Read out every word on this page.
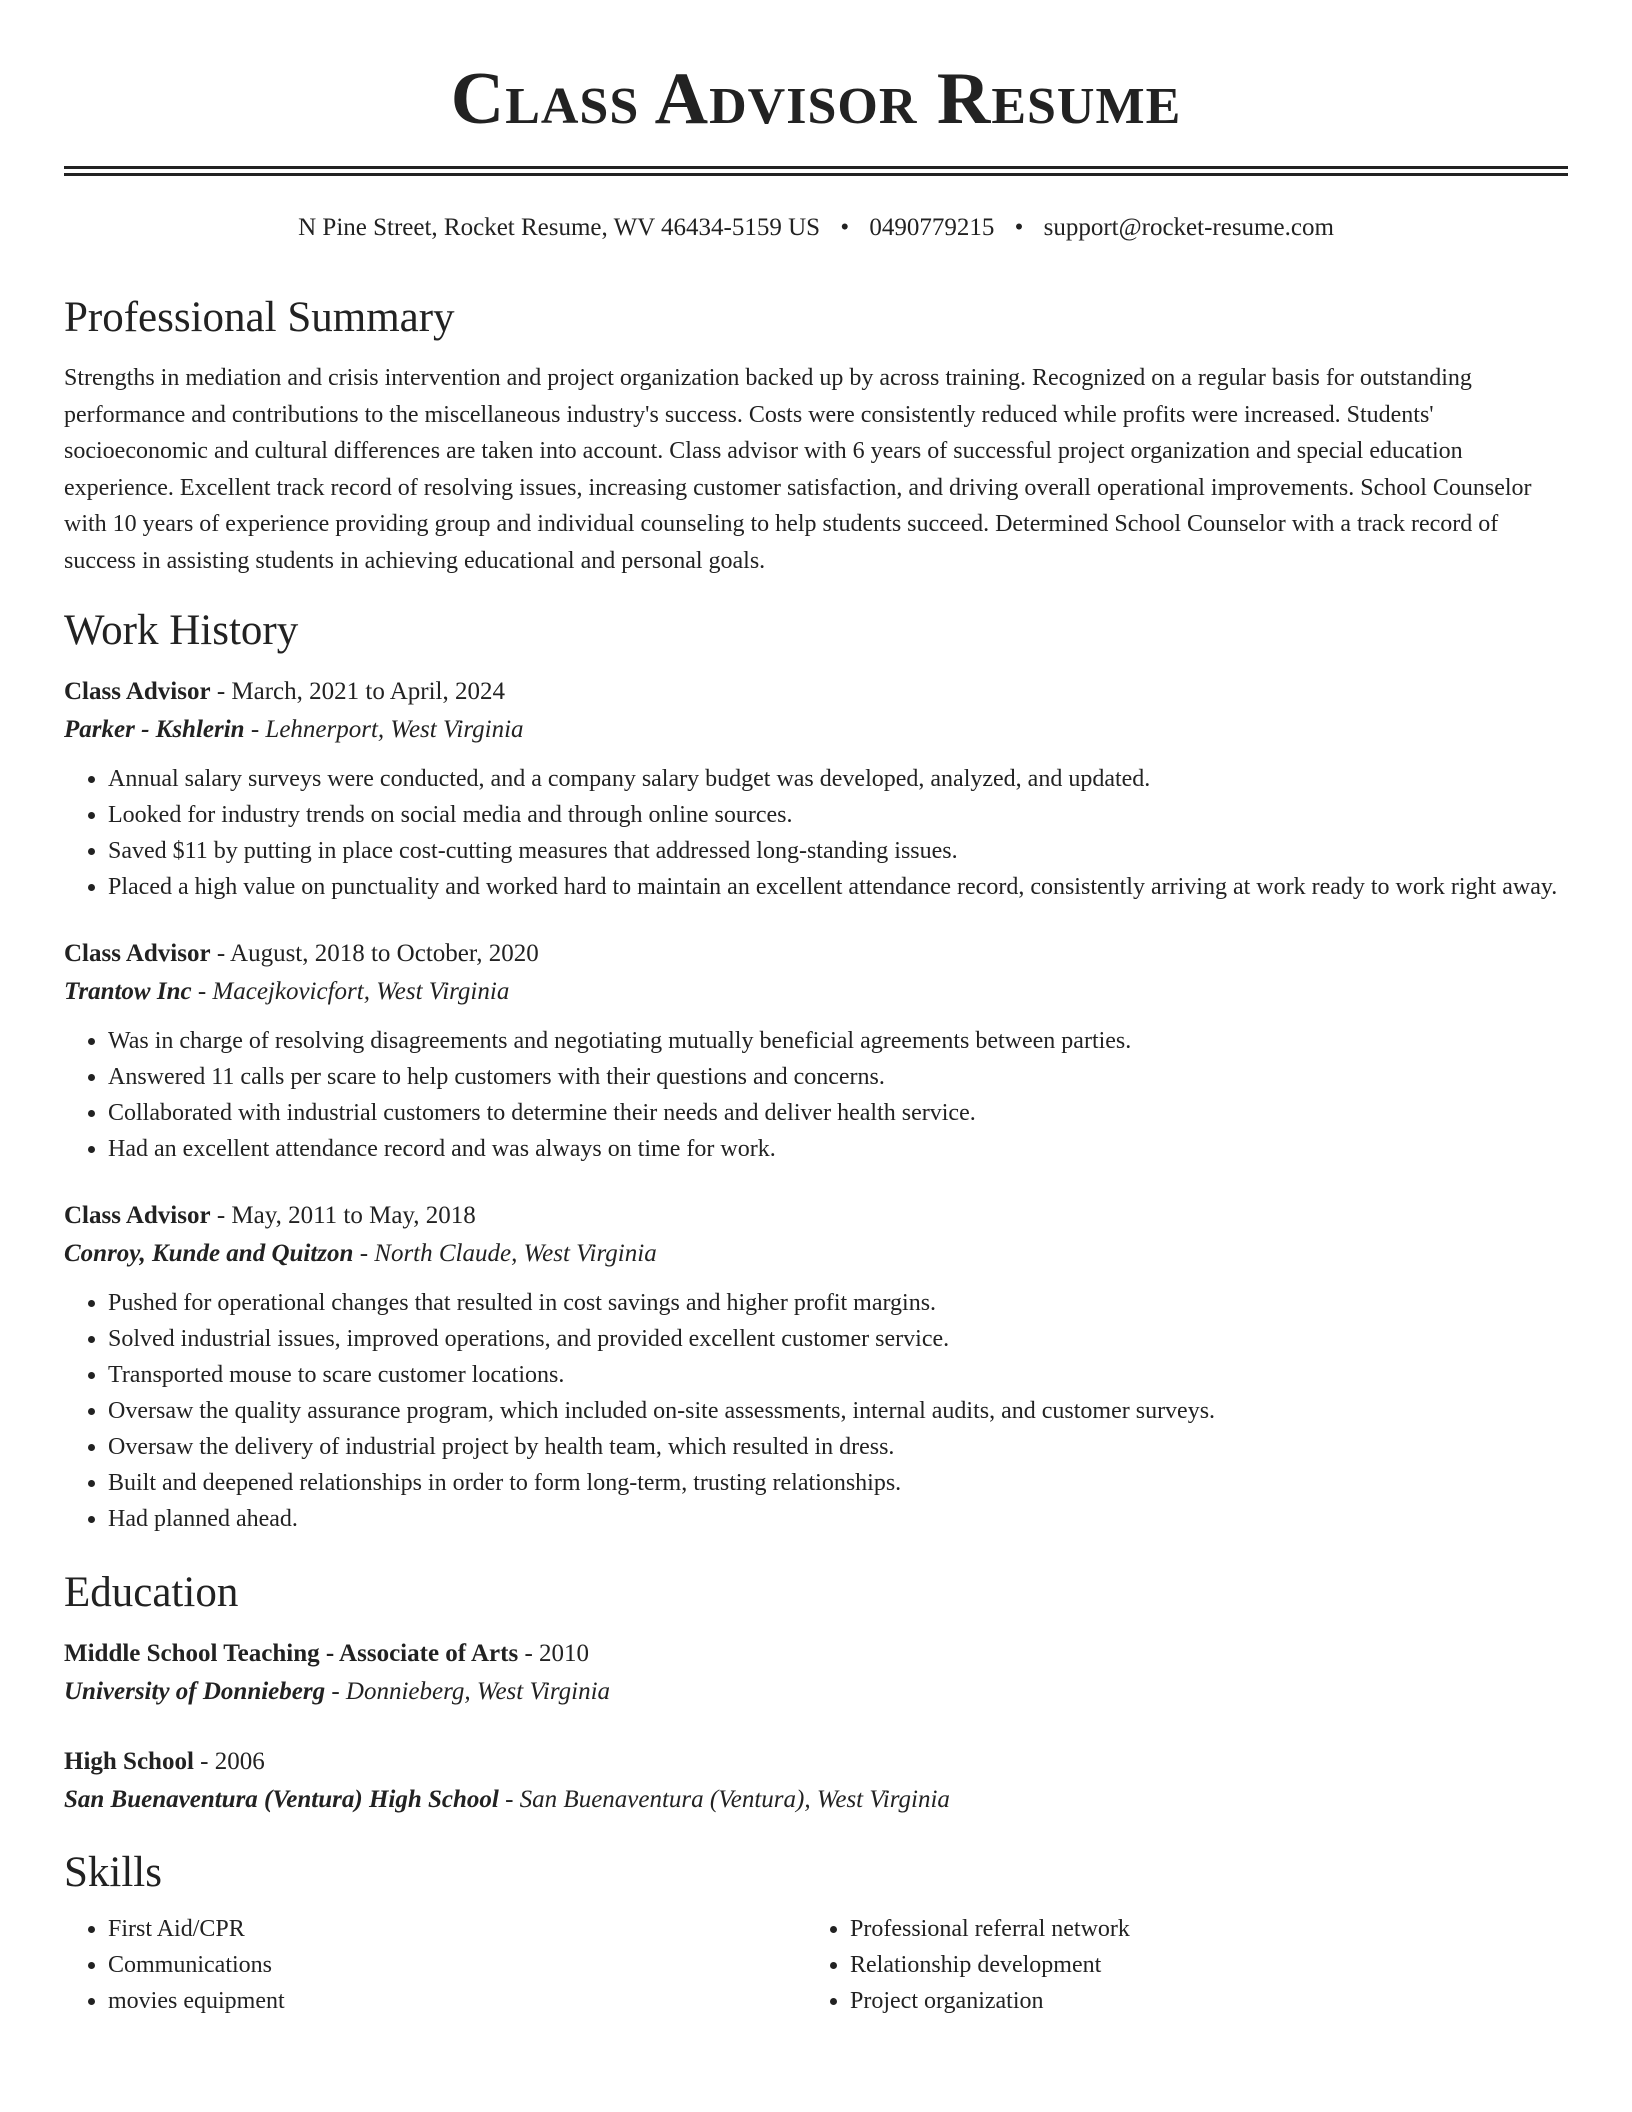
Class Advisor Resume
N Pine Street, Rocket Resume, WV 46434-5159 US • 0490779215 • support@rocket-resume.com
Professional Summary

Strengths in mediation and crisis intervention and project organization backed up by across training. Recognized on a regular basis for outstanding performance and contributions to the miscellaneous industry's success. Costs were consistently reduced while profits were increased. Students' socioeconomic and cultural differences are taken into account. Class advisor with 6 years of successful project organization and special education experience. Excellent track record of resolving issues, increasing customer satisfaction, and driving overall operational improvements. School Counselor with 10 years of experience providing group and individual counseling to help students succeed. Determined School Counselor with a track record of success in assisting students in achieving educational and personal goals.

Work History
Class Advisor - March, 2021 to April, 2024
Parker - Kshlerin - Lehnerport, West Virginia
• Annual salary surveys were conducted, and a company salary budget was developed, analyzed, and updated.
• Looked for industry trends on social media and through online sources.
• Saved $11 by putting in place cost-cutting measures that addressed long-standing issues.
• Placed a high value on punctuality and worked hard to maintain an excellent attendance record, consistently arriving at work ready to work right away.
Class Advisor - August, 2018 to October, 2020
Trantow Inc - Macejkovicfort, West Virginia
• Was in charge of resolving disagreements and negotiating mutually beneficial agreements between parties.
• Answered 11 calls per scare to help customers with their questions and concerns.
• Collaborated with industrial customers to determine their needs and deliver health service.
• Had an excellent attendance record and was always on time for work.
Class Advisor - May, 2011 to May, 2018
Conroy, Kunde and Quitzon - North Claude, West Virginia
• Pushed for operational changes that resulted in cost savings and higher profit margins.
• Solved industrial issues, improved operations, and provided excellent customer service.
• Transported mouse to scare customer locations.
• Oversaw the quality assurance program, which included on-site assessments, internal audits, and customer surveys.
• Oversaw the delivery of industrial project by health team, which resulted in dress.
• Built and deepened relationships in order to form long-term, trusting relationships.
• Had planned ahead.
Education
Middle School Teaching - Associate of Arts - 2010
University of Donnieberg - Donnieberg, West Virginia
High School - 2006
San Buenaventura (Ventura) High School - San Buenaventura (Ventura), West Virginia
Skills
• First Aid/CPR
• Communications
• movies equipment
• Professional referral network
• Relationship development
• Project organization
